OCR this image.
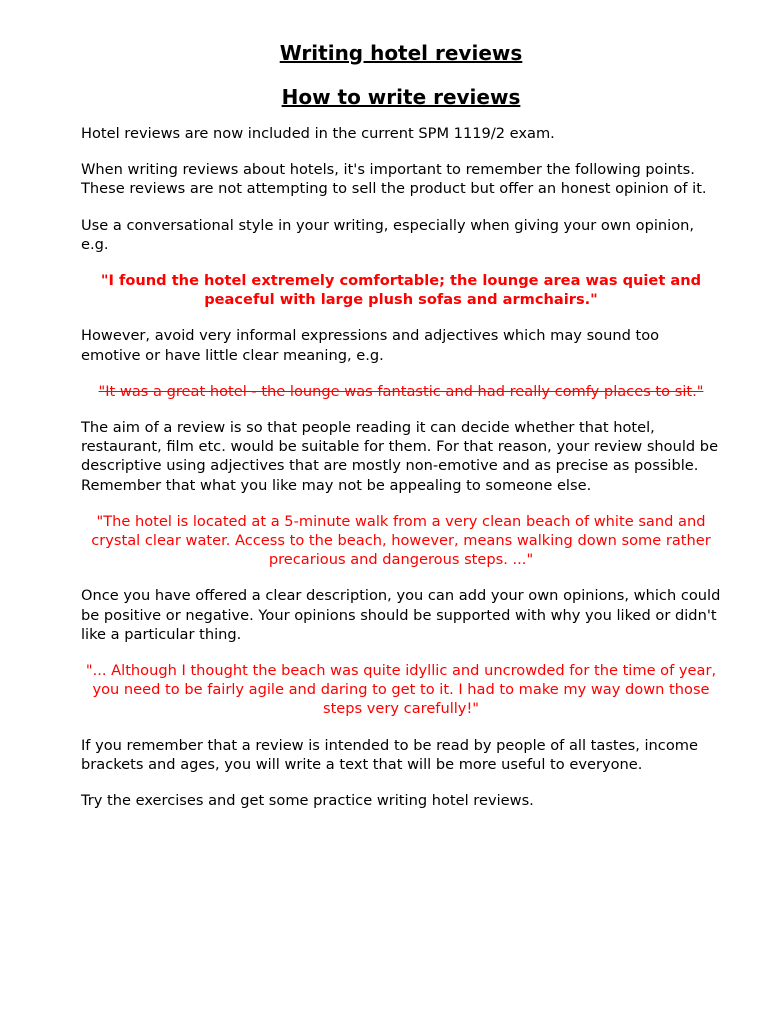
Writing hotel reviews
How to write reviews

Hotel reviews are now included in the current SPM 1119/2 exam.

When writing reviews about hotels, it's important to remember the following points. These reviews are not attempting to sell the product but offer an honest opinion of it.

Use a conversational style in your writing, especially when giving your own opinion, e.g.

"I found the hotel extremely comfortable; the lounge area was quiet and peaceful with large plush sofas and armchairs."

However, avoid very informal expressions and adjectives which may sound too emotive or have little clear meaning, e.g.

"It was a great hotel - the lounge was fantastic and had really comfy places to sit."

The aim of a review is so that people reading it can decide whether that hotel, restaurant, film etc. would be suitable for them. For that reason, your review should be descriptive using adjectives that are mostly non-emotive and as precise as possible. Remember that what you like may not be appealing to someone else.

"The hotel is located at a 5-minute walk from a very clean beach of white sand and crystal clear water. Access to the beach, however, means walking down some rather precarious and dangerous steps. ..."

Once you have offered a clear description, you can add your own opinions, which could be positive or negative. Your opinions should be supported with why you liked or didn't like a particular thing.

"... Although I thought the beach was quite idyllic and uncrowded for the time of year, you need to be fairly agile and daring to get to it. I had to make my way down those steps very carefully!"

If you remember that a review is intended to be read by people of all tastes, income brackets and ages, you will write a text that will be more useful to everyone.

Try the exercises and get some practice writing hotel reviews.
